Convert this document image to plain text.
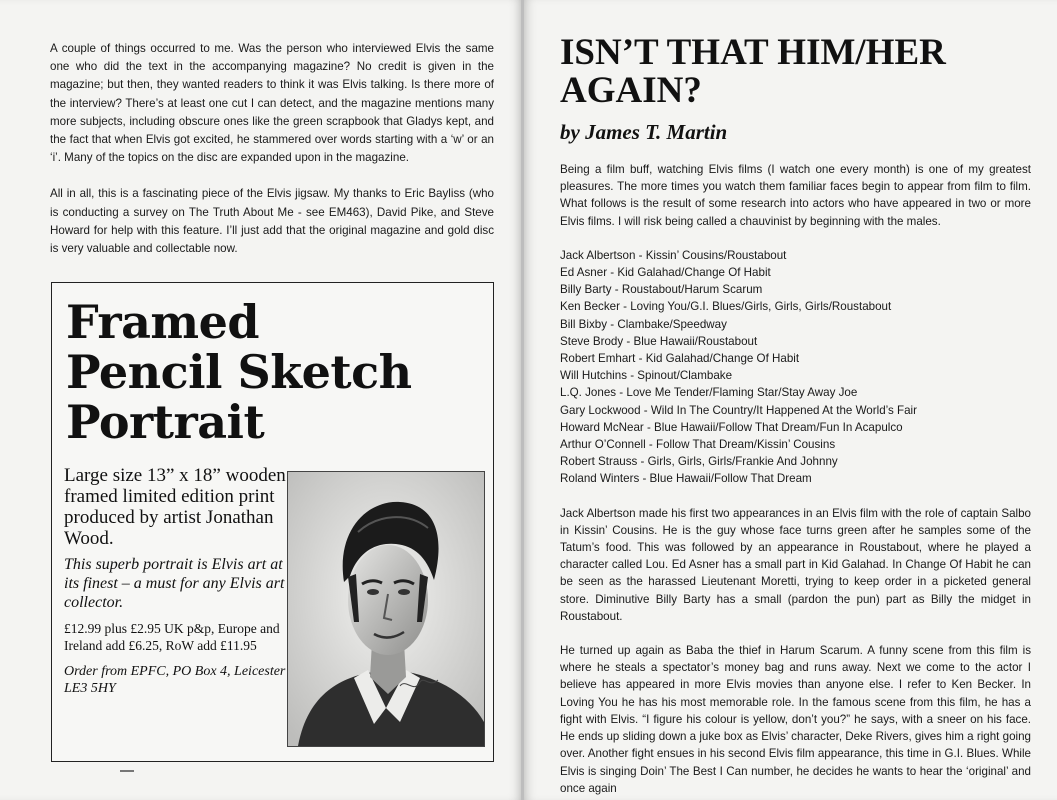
A couple of things occurred to me. Was the person who interviewed Elvis the same one who did the text in the accompanying magazine? No credit is given in the magazine; but then, they wanted readers to think it was Elvis talking. Is there more of the interview? There’s at least one cut I can detect, and the magazine mentions many more subjects, including obscure ones like the green scrapbook that Gladys kept, and the fact that when Elvis got excited, he stammered over words starting with a ‘w’ or an ‘i’. Many of the topics on the disc are expanded upon in the magazine.

All in all, this is a fascinating piece of the Elvis jigsaw. My thanks to Eric Bayliss (who is conducting a survey on The Truth About Me - see EM463), David Pike, and Steve Howard for help with this feature. I’ll just add that the original magazine and gold disc is very valuable and collectable now.

Framed
Pencil Sketch
Portrait

Large size 13” x 18” wooden framed limited edition print produced by artist Jonathan Wood.

This superb portrait is Elvis art at its finest – a must for any Elvis art collector.

£12.99 plus £2.95 UK p&p, Europe and Ireland add £6.25, RoW add £11.95

Order from EPFC, PO Box 4, Leicester LE3 5HY

ISN’T THAT HIM/HER AGAIN?
by James T. Martin

Being a film buff, watching Elvis films (I watch one every month) is one of my greatest pleasures. The more times you watch them familiar faces begin to appear from film to film. What follows is the result of some research into actors who have appeared in two or more Elvis films. I will risk being called a chauvinist by beginning with the males.

Jack Albertson - Kissin’ Cousins/Roustabout
Ed Asner - Kid Galahad/Change Of Habit
Billy Barty - Roustabout/Harum Scarum
Ken Becker - Loving You/G.I. Blues/Girls, Girls, Girls/Roustabout
Bill Bixby - Clambake/Speedway
Steve Brody - Blue Hawaii/Roustabout
Robert Emhart - Kid Galahad/Change Of Habit
Will Hutchins - Spinout/Clambake
L.Q. Jones - Love Me Tender/Flaming Star/Stay Away Joe
Gary Lockwood - Wild In The Country/It Happened At the World’s Fair
Howard McNear - Blue Hawaii/Follow That Dream/Fun In Acapulco
Arthur O’Connell - Follow That Dream/Kissin’ Cousins
Robert Strauss - Girls, Girls, Girls/Frankie And Johnny
Roland Winters - Blue Hawaii/Follow That Dream

Jack Albertson made his first two appearances in an Elvis film with the role of captain Salbo in Kissin’ Cousins. He is the guy whose face turns green after he samples some of the Tatum’s food. This was followed by an appearance in Roustabout, where he played a character called Lou. Ed Asner has a small part in Kid Galahad. In Change Of Habit he can be seen as the harassed Lieutenant Moretti, trying to keep order in a picketed general store. Diminutive Billy Barty has a small (pardon the pun) part as Billy the midget in Roustabout.

He turned up again as Baba the thief in Harum Scarum. A funny scene from this film is where he steals a spectator’s money bag and runs away. Next we come to the actor I believe has appeared in more Elvis movies than anyone else. I refer to Ken Becker. In Loving You he has his most memorable role. In the famous scene from this film, he has a fight with Elvis. “I figure his colour is yellow, don’t you?” he says, with a sneer on his face. He ends up sliding down a juke box as Elvis’ character, Deke Rivers, gives him a right going over. Another fight ensues in his second Elvis film appearance, this time in G.I. Blues. While Elvis is singing Doin’ The Best I Can number, he decides he wants to hear the ‘original’ and once again
